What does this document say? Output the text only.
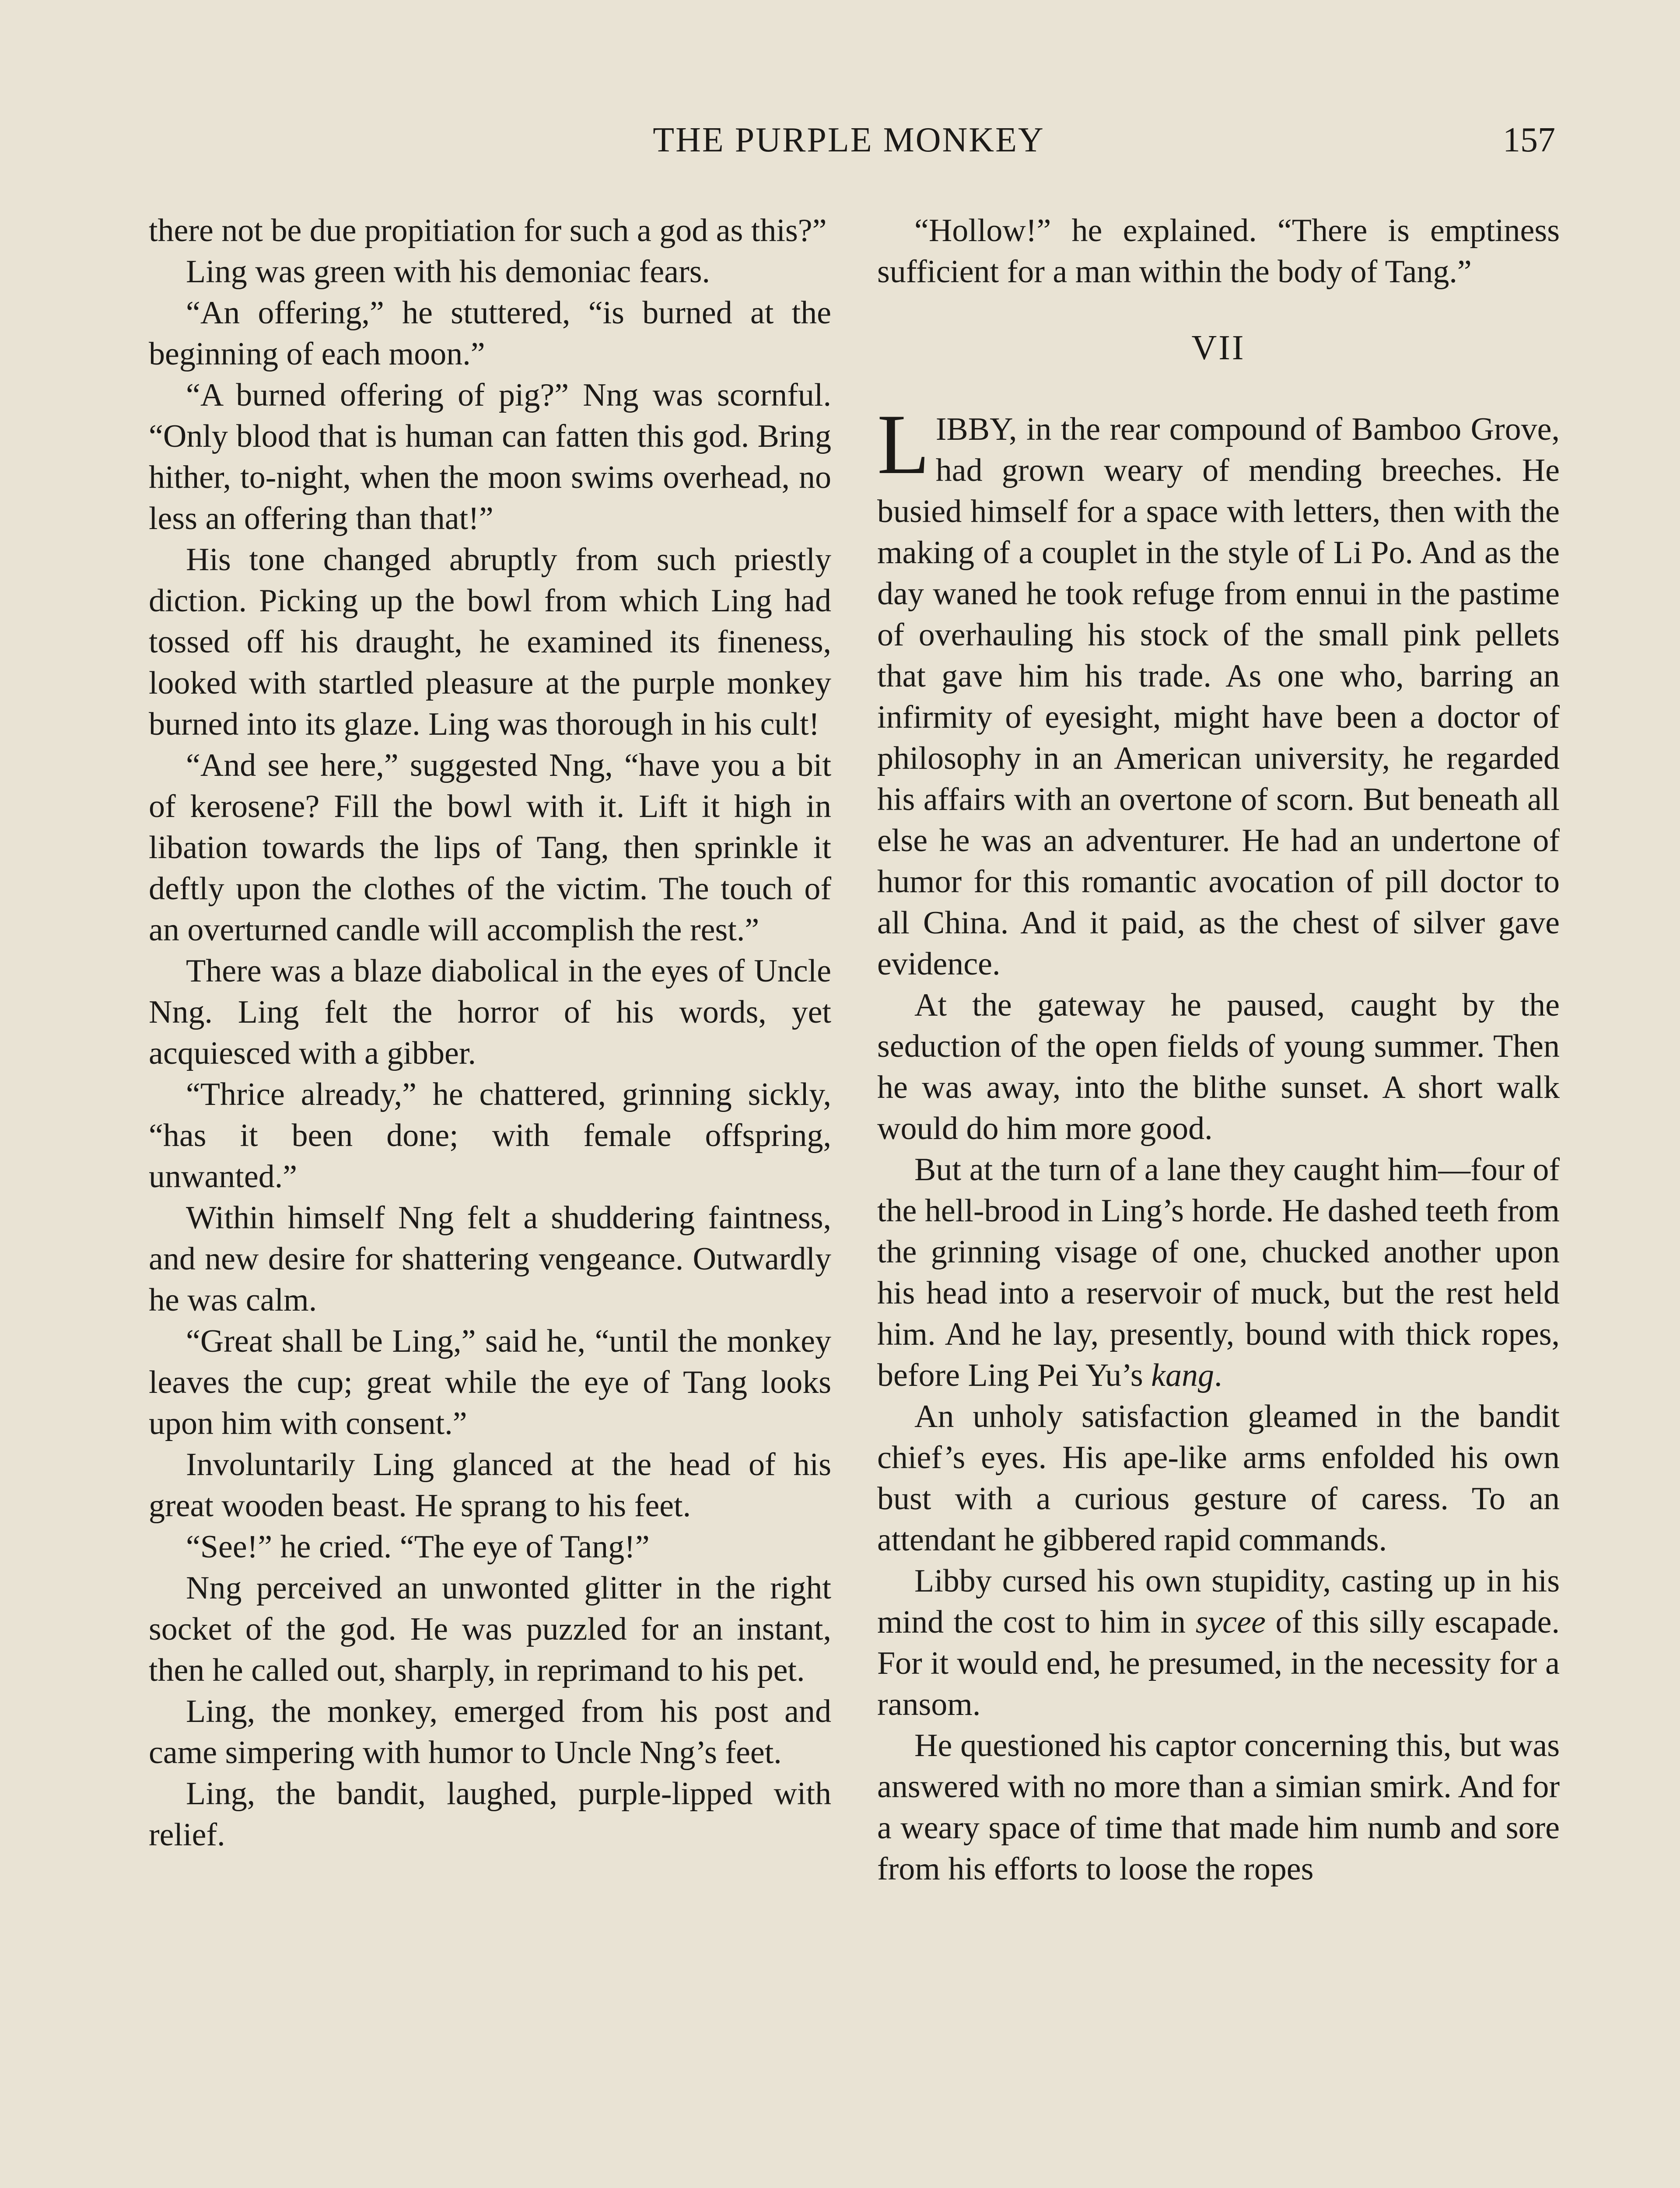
THE PURPLE MONKEY	157

there not be due propitiation for such a god as this?”

Ling was green with his demoniac fears.

“An offering,” he stuttered, “is burned at the beginning of each moon.”

“A burned offering of pig?” Nng was scornful. “Only blood that is human can fatten this god. Bring hither, to-night, when the moon swims overhead, no less an offering than that!”

His tone changed abruptly from such priestly diction. Picking up the bowl from which Ling had tossed off his draught, he examined its fineness, looked with startled pleasure at the purple monkey burned into its glaze. Ling was thorough in his cult!

“And see here,” suggested Nng, “have you a bit of kerosene? Fill the bowl with it. Lift it high in libation towards the lips of Tang, then sprinkle it deftly upon the clothes of the victim. The touch of an overturned candle will accomplish the rest.”

There was a blaze diabolical in the eyes of Uncle Nng. Ling felt the horror of his words, yet acquiesced with a gibber.

“Thrice already,” he chattered, grinning sickly, “has it been done; with female offspring, unwanted.”

Within himself Nng felt a shuddering faintness, and new desire for shattering vengeance. Outwardly he was calm.

“Great shall be Ling,” said he, “until the monkey leaves the cup; great while the eye of Tang looks upon him with consent.”

Involuntarily Ling glanced at the head of his great wooden beast. He sprang to his feet.

“See!” he cried. “The eye of Tang!”

Nng perceived an unwonted glitter in the right socket of the god. He was puzzled for an instant, then he called out, sharply, in reprimand to his pet.

Ling, the monkey, emerged from his post and came simpering with humor to Uncle Nng’s feet.

Ling, the bandit, laughed, purple-lipped with relief.

“Hollow!” he explained. “There is emptiness sufficient for a man within the body of Tang.”

VII

LIBBY, in the rear compound of Bamboo Grove, had grown weary of mending breeches. He busied himself for a space with letters, then with the making of a couplet in the style of Li Po. And as the day waned he took refuge from ennui in the pastime of overhauling his stock of the small pink pellets that gave him his trade. As one who, barring an infirmity of eyesight, might have been a doctor of philosophy in an American university, he regarded his affairs with an overtone of scorn. But beneath all else he was an adventurer. He had an undertone of humor for this romantic avocation of pill doctor to all China. And it paid, as the chest of silver gave evidence.

At the gateway he paused, caught by the seduction of the open fields of young summer. Then he was away, into the blithe sunset. A short walk would do him more good.

But at the turn of a lane they caught him—four of the hell-brood in Ling’s horde. He dashed teeth from the grinning visage of one, chucked another upon his head into a reservoir of muck, but the rest held him. And he lay, presently, bound with thick ropes, before Ling Pei Yu’s kang.

An unholy satisfaction gleamed in the bandit chief’s eyes. His ape-like arms enfolded his own bust with a curious gesture of caress. To an attendant he gibbered rapid commands.

Libby cursed his own stupidity, casting up in his mind the cost to him in sycee of this silly escapade. For it would end, he presumed, in the necessity for a ransom.

He questioned his captor concerning this, but was answered with no more than a simian smirk. And for a weary space of time that made him numb and sore from his efforts to loose the ropes
